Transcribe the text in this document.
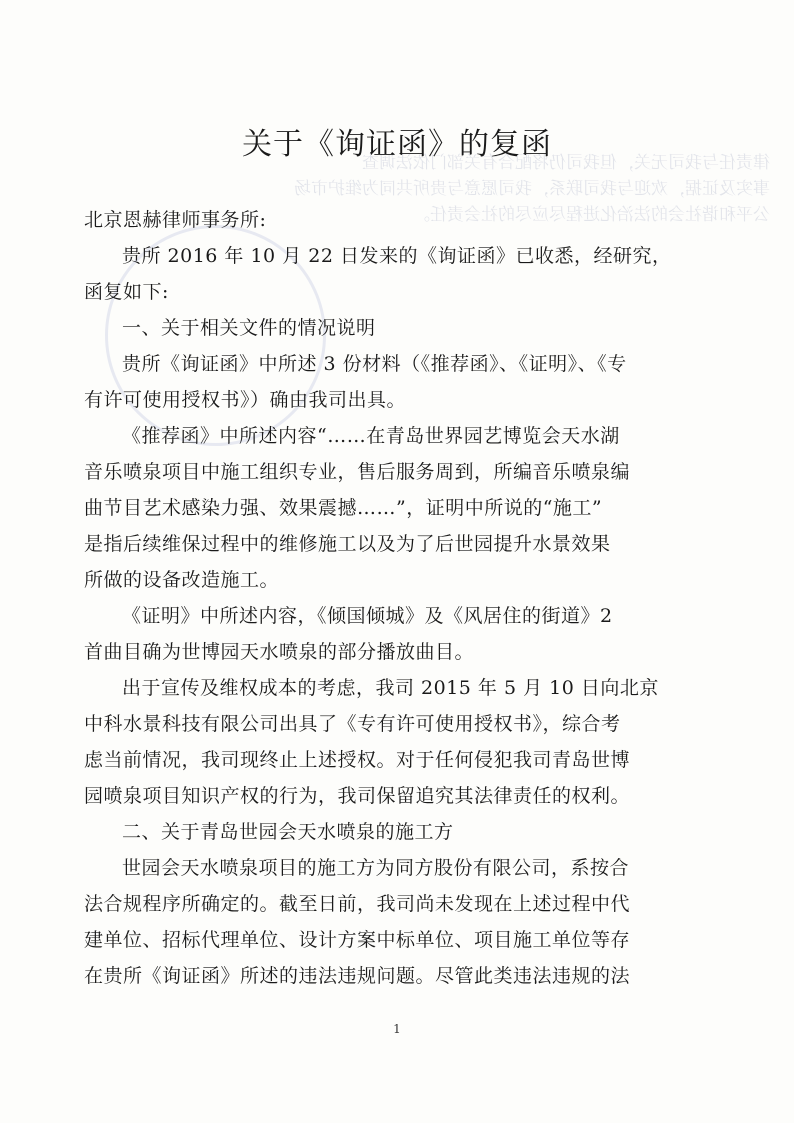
律责任与我司无关，但我司仍将配合有关部门依法调查
事实及证据，欢迎与我司联系，我司愿意与贵所共同为维护市场
公平和谐社会的法治化进程尽应尽的社会责任。
关于《询证函》的复函
北京恩赫律师事务所:
贵所 2016 年 10 月 22 日发来的《询证函》已收悉，经研究，
函复如下:
一、关于相关文件的情况说明
贵所《询证函》中所述 3 份材料（《推荐函》、《证明》、《专
有许可使用授权书》）确由我司出具。
《推荐函》中所述内容“……在青岛世界园艺博览会天水湖
音乐喷泉项目中施工组织专业，售后服务周到，所编音乐喷泉编
曲节目艺术感染力强、效果震撼……”，证明中所说的“施工”
是指后续维保过程中的维修施工以及为了后世园提升水景效果
所做的设备改造施工。
《证明》中所述内容，《倾国倾城》及《风居住的街道》2
首曲目确为世博园天水喷泉的部分播放曲目。
出于宣传及维权成本的考虑，我司 2015 年 5 月 10 日向北京
中科水景科技有限公司出具了《专有许可使用授权书》，综合考
虑当前情况，我司现终止上述授权。对于任何侵犯我司青岛世博
园喷泉项目知识产权的行为，我司保留追究其法律责任的权利。
二、关于青岛世园会天水喷泉的施工方
世园会天水喷泉项目的施工方为同方股份有限公司，系按合
法合规程序所确定的。截至日前，我司尚未发现在上述过程中代
建单位、招标代理单位、设计方案中标单位、项目施工单位等存
在贵所《询证函》所述的违法违规问题。尽管此类违法违规的法
1
